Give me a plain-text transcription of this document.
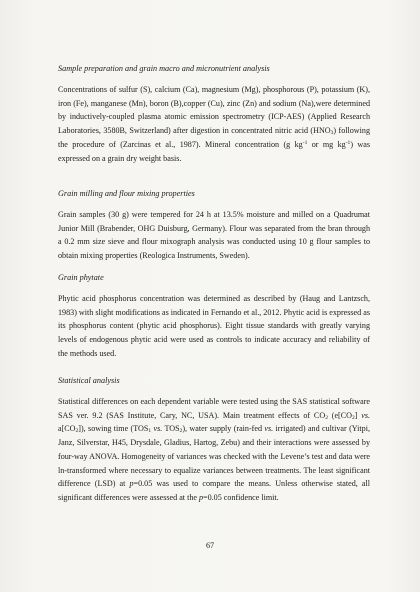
Sample preparation and grain macro and micronutrient analysis

Concentrations of sulfur (S), calcium (Ca), magnesium (Mg), phosphorous (P), potassium (K), iron (Fe), manganese (Mn), boron (B),copper (Cu), zinc (Zn) and sodium (Na),were determined by inductively-coupled plasma atomic emission spectrometry (ICP-AES) (Applied Research Laboratories, 3580B, Switzerland) after digestion in concentrated nitric acid $(HNO_3)$ following the procedure of (Zarcinas et al., 1987). Mineral concentration (g $kg^{-1}$ or mg $kg^{-1}$) was expressed on a grain dry weight basis.

Grain milling and flour mixing properties

Grain samples (30 g) were tempered for 24 h at 13.5% moisture and milled on a Quadrumat Junior Mill (Brabender, OHG Duisburg, Germany). Flour was separated from the bran through a 0.2 mm size sieve and flour mixograph analysis was conducted using 10 g flour samples to obtain mixing properties (Reologica Instruments, Sweden).

Grain phytate

Phytic acid phosphorus concentration was determined as described by (Haug and Lantzsch, 1983) with slight modifications as indicated in Fernando et al., 2012. Phytic acid is expressed as its phosphorus content (phytic acid phosphorus). Eight tissue standards with greatly varying levels of endogenous phytic acid were used as controls to indicate accuracy and reliability of the methods used.

Statistical analysis

Statistical differences on each dependent variable were tested using the SAS statistical software SAS ver. 9.2 (SAS Institute, Cary, NC, USA). Main treatment effects of $CO_2$ ($e[CO_2]$ vs. $a[CO_2]$), sowing time ($TOS_1$ vs. $TOS_2$), water supply (rain-fed vs. irrigated) and cultivar (Yitpi, Janz, Silverstar, H45, Drysdale, Gladius, Hartog, Zebu) and their interactions were assessed by four-way ANOVA. Homogeneity of variances was checked with the Levene’s test and data were ln-transformed where necessary to equalize variances between treatments. The least significant difference (LSD) at p=0.05 was used to compare the means. Unless otherwise stated, all significant differences were assessed at the p=0.05 confidence limit.

67
